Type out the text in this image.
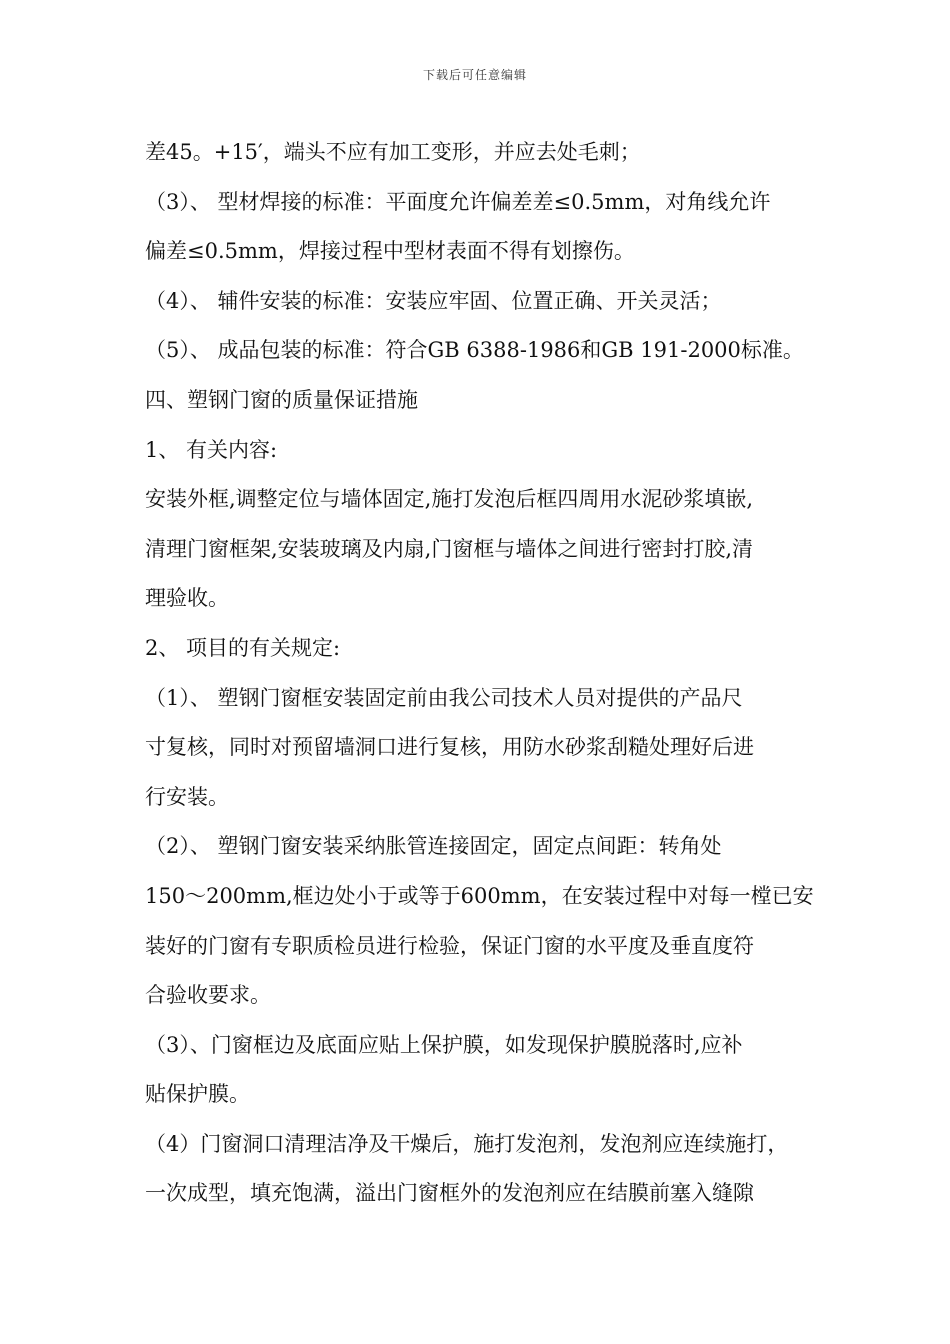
下载后可任意编辑
差45。+15′，端头不应有加工变形，并应去处毛刺；
（3）、 型材焊接的标准：平面度允许偏差差≤0.5mm，对角线允许
偏差≤0.5mm，焊接过程中型材表面不得有划擦伤。
（4）、 辅件安装的标准：安装应牢固、位置正确、开关灵活；
（5）、 成品包装的标准：符合GB 6388-1986和GB 191-2000标准。
四、塑钢门窗的质量保证措施
1、 有关内容:
安装外框,调整定位与墙体固定,施打发泡后框四周用水泥砂浆填嵌,
清理门窗框架,安装玻璃及内扇,门窗框与墙体之间进行密封打胶,清
理验收。
2、 项目的有关规定:
（1）、 塑钢门窗框安装固定前由我公司技术人员对提供的产品尺
寸复核，同时对预留墙洞口进行复核，用防水砂浆刮糙处理好后进
行安装。
（2）、 塑钢门窗安装采纳胀管连接固定，固定点间距：转角处
150～200mm,框边处小于或等于600mm，在安装过程中对每一樘已安
装好的门窗有专职质检员进行检验，保证门窗的水平度及垂直度符
合验收要求。
（3）、门窗框边及底面应贴上保护膜，如发现保护膜脱落时,应补
贴保护膜。
（4）门窗洞口清理洁净及干燥后，施打发泡剂，发泡剂应连续施打，
一次成型，填充饱满，溢出门窗框外的发泡剂应在结膜前塞入缝隙
